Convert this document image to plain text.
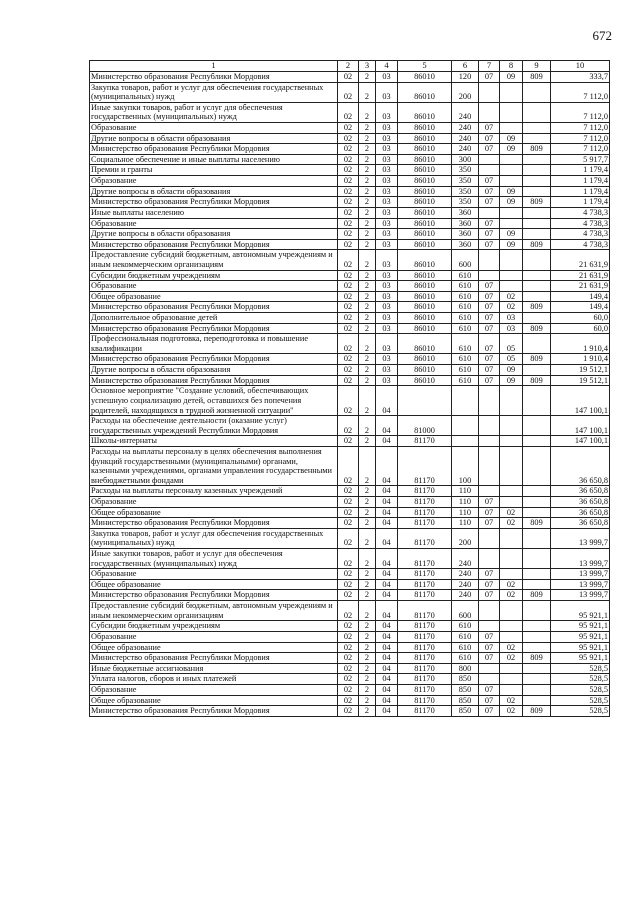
672
1	2	3	4	5	6	7	8	9	10
Министерство образования Республики Мордовия	02	2	03	86010	120	07	09	809	333,7
Закупка товаров, работ и услуг для обеспечения государственных (муниципальных) нужд	02	2	03	86010	200				7 112,0
Иные закупки товаров, работ и услуг для обеспечения государственных (муниципальных) нужд	02	2	03	86010	240				7 112,0
Образование	02	2	03	86010	240	07			7 112,0
Другие вопросы в области образования	02	2	03	86010	240	07	09		7 112,0
Министерство образования Республики Мордовия	02	2	03	86010	240	07	09	809	7 112,0
Социальное обеспечение и иные выплаты населению	02	2	03	86010	300				5 917,7
Премии и гранты	02	2	03	86010	350				1 179,4
Образование	02	2	03	86010	350	07			1 179,4
Другие вопросы в области образования	02	2	03	86010	350	07	09		1 179,4
Министерство образования Республики Мордовия	02	2	03	86010	350	07	09	809	1 179,4
Иные выплаты населению	02	2	03	86010	360				4 738,3
Образование	02	2	03	86010	360	07			4 738,3
Другие вопросы в области образования	02	2	03	86010	360	07	09		4 738,3
Министерство образования Республики Мордовия	02	2	03	86010	360	07	09	809	4 738,3
Предоставление субсидий бюджетным, автономным учреждениям и иным некоммерческим организациям	02	2	03	86010	600				21 631,9
Субсидии бюджетным учреждениям	02	2	03	86010	610				21 631,9
Образование	02	2	03	86010	610	07			21 631,9
Общее образование	02	2	03	86010	610	07	02		149,4
Министерство образования Республики Мордовия	02	2	03	86010	610	07	02	809	149,4
Дополнительное образование детей	02	2	03	86010	610	07	03		60,0
Министерство образования Республики Мордовия	02	2	03	86010	610	07	03	809	60,0
Профессиональная подготовка, переподготовка и повышение квалификации	02	2	03	86010	610	07	05		1 910,4
Министерство образования Республики Мордовия	02	2	03	86010	610	07	05	809	1 910,4
Другие вопросы в области образования	02	2	03	86010	610	07	09		19 512,1
Министерство образования Республики Мордовия	02	2	03	86010	610	07	09	809	19 512,1
Основное мероприятие "Создание условий, обеспечивающих успешную социализацию детей, оставшихся без попечения родителей, находящихся в трудной жизненной ситуации"	02	2	04						147 100,1
Расходы на обеспечение деятельности (оказание услуг) государственных учреждений Республики Мордовия	02	2	04	81000					147 100,1
Школы-интернаты	02	2	04	81170					147 100,1
Расходы на выплаты персоналу в целях обеспечения выполнения функций государственными (муниципальными) органами, казенными учреждениями, органами управления государственными внебюджетными фондами	02	2	04	81170	100				36 650,8
Расходы на выплаты персоналу казенных учреждений	02	2	04	81170	110				36 650,8
Образование	02	2	04	81170	110	07			36 650,8
Общее образование	02	2	04	81170	110	07	02		36 650,8
Министерство образования Республики Мордовия	02	2	04	81170	110	07	02	809	36 650,8
Закупка товаров, работ и услуг для обеспечения государственных (муниципальных) нужд	02	2	04	81170	200				13 999,7
Иные закупки товаров, работ и услуг для обеспечения государственных (муниципальных) нужд	02	2	04	81170	240				13 999,7
Образование	02	2	04	81170	240	07			13 999,7
Общее образование	02	2	04	81170	240	07	02		13 999,7
Министерство образования Республики Мордовия	02	2	04	81170	240	07	02	809	13 999,7
Предоставление субсидий бюджетным, автономным учреждениям и иным некоммерческим организациям	02	2	04	81170	600				95 921,1
Субсидии бюджетным учреждениям	02	2	04	81170	610				95 921,1
Образование	02	2	04	81170	610	07			95 921,1
Общее образование	02	2	04	81170	610	07	02		95 921,1
Министерство образования Республики Мордовия	02	2	04	81170	610	07	02	809	95 921,1
Иные бюджетные ассигнования	02	2	04	81170	800				528,5
Уплата налогов, сборов и иных платежей	02	2	04	81170	850				528,5
Образование	02	2	04	81170	850	07			528,5
Общее образование	02	2	04	81170	850	07	02		528,5
Министерство образования Республики Мордовия	02	2	04	81170	850	07	02	809	528,5
